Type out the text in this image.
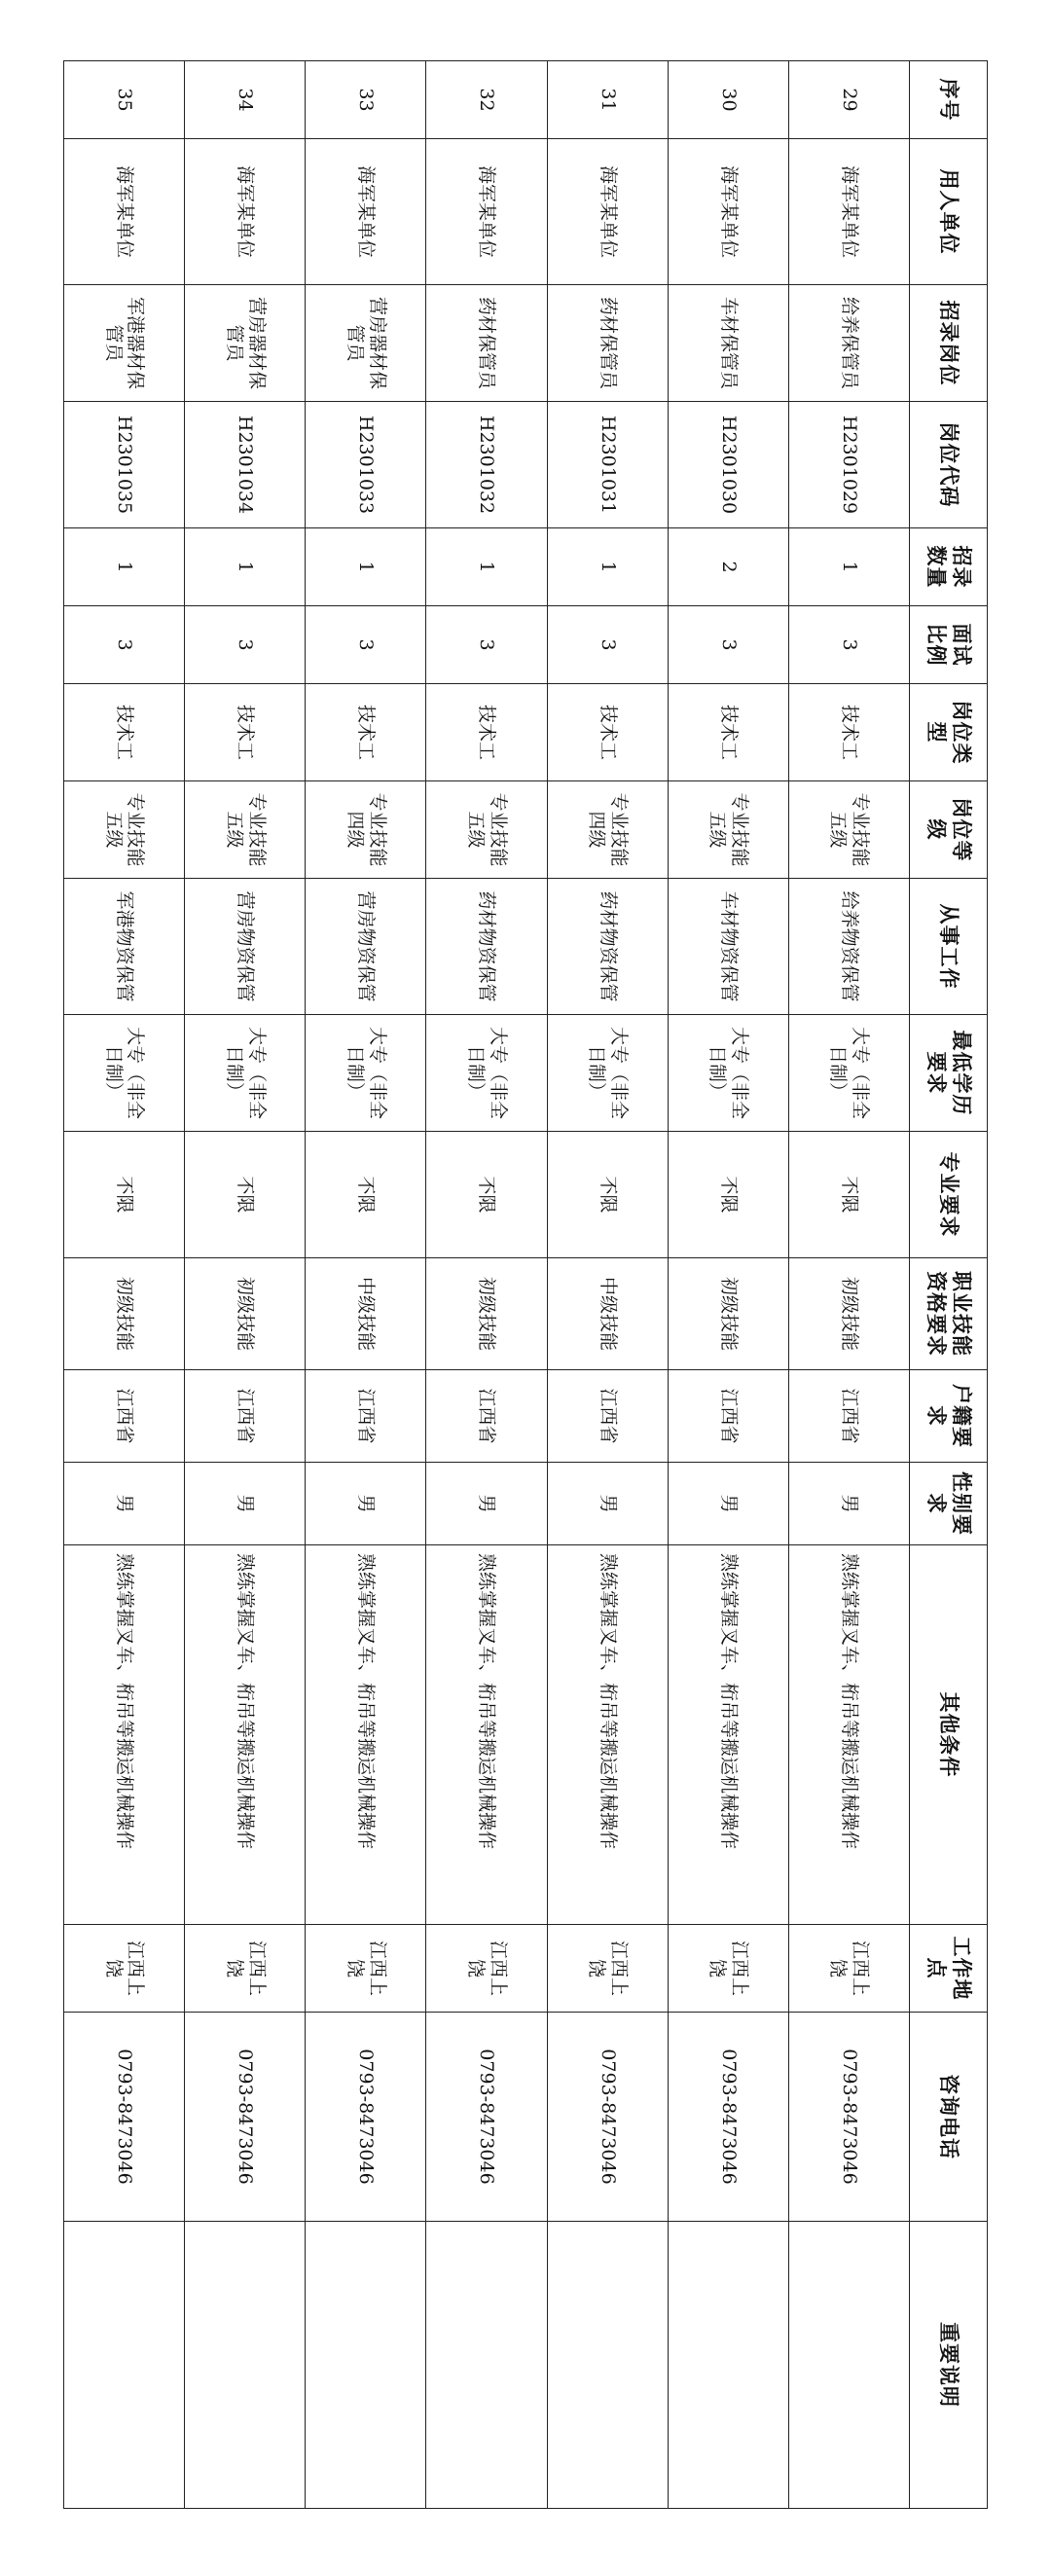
序号	用人单位	招录岗位	岗位代码	招录数量	面试比例	岗位类型	岗位等级	从事工作	最低学历要求	专业要求	职业技能资格要求	户籍要求	性别要求	其他条件	工作地点	咨询电话	重要说明
29	海军某单位	给养保管员	H2301029	1	3	技术工	专业技能五级	给养物资保管	大专（非全日制）	不限	初级技能	江西省	男	熟练掌握叉车、桁吊等搬运机械操作	江西上饶	0793-8473046	
30	海军某单位	车材保管员	H2301030	2	3	技术工	专业技能五级	车材物资保管	大专（非全日制）	不限	初级技能	江西省	男	熟练掌握叉车、桁吊等搬运机械操作	江西上饶	0793-8473046	
31	海军某单位	药材保管员	H2301031	1	3	技术工	专业技能四级	药材物资保管	大专（非全日制）	不限	中级技能	江西省	男	熟练掌握叉车、桁吊等搬运机械操作	江西上饶	0793-8473046	
32	海军某单位	药材保管员	H2301032	1	3	技术工	专业技能五级	药材物资保管	大专（非全日制）	不限	初级技能	江西省	男	熟练掌握叉车、桁吊等搬运机械操作	江西上饶	0793-8473046	
33	海军某单位	营房器材保管员	H2301033	1	3	技术工	专业技能四级	营房物资保管	大专（非全日制）	不限	中级技能	江西省	男	熟练掌握叉车、桁吊等搬运机械操作	江西上饶	0793-8473046	
34	海军某单位	营房器材保管员	H2301034	1	3	技术工	专业技能五级	营房物资保管	大专（非全日制）	不限	初级技能	江西省	男	熟练掌握叉车、桁吊等搬运机械操作	江西上饶	0793-8473046	
35	海军某单位	军港器材保管员	H2301035	1	3	技术工	专业技能五级	军港物资保管	大专（非全日制）	不限	初级技能	江西省	男	熟练掌握叉车、桁吊等搬运机械操作	江西上饶	0793-8473046	
